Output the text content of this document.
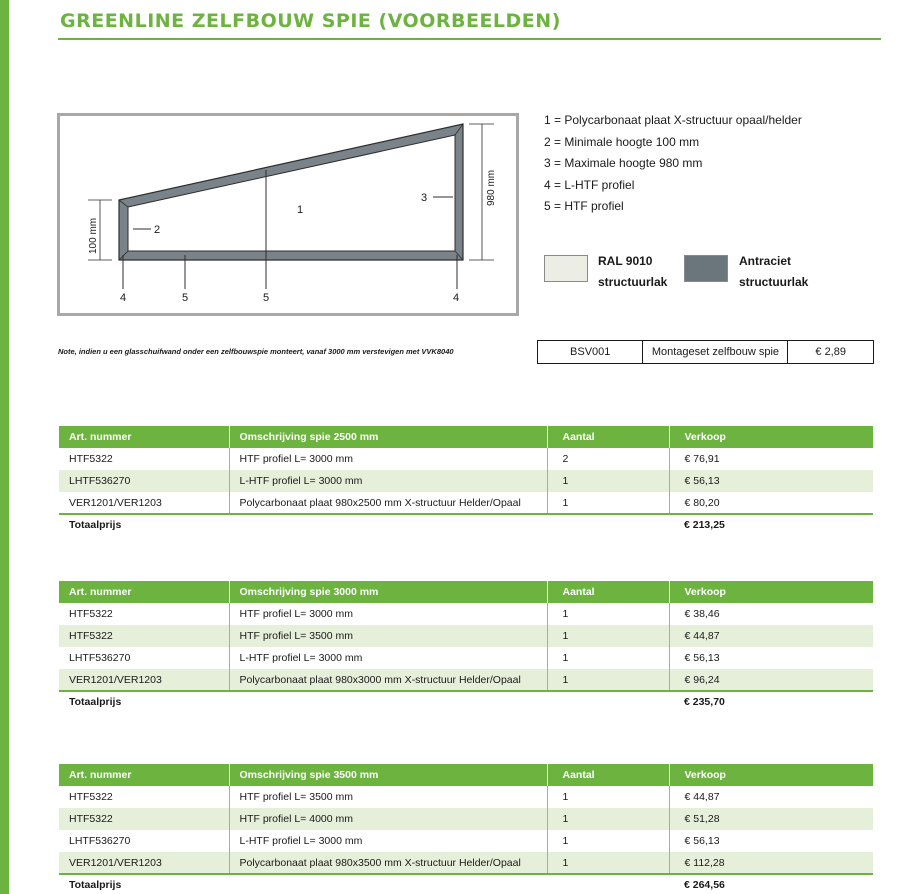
GREENLINE ZELFBOUW SPIE (VOORBEELDEN)
1
2
3
4	4
5	5
100 mm
980 mm
1 = Polycarbonaat plaat X-structuur opaal/helder
2 = Minimale hoogte 100 mm
3 = Maximale hoogte 980 mm
4 = L-HTF profiel
5 = HTF profiel
RAL 9010
structuurlak
Antraciet
structuurlak
Note, indien u een glasschuifwand onder een zelfbouwspie monteert, vanaf 3000 mm verstevigen met VVK8040	BSV001	Montageset zelfbouw spie	€ 2,89
Art. nummer	Omschrijving spie 2500 mm	Aantal	Verkoop
HTF5322	HTF profiel L= 3000 mm	2	€ 76,91
LHTF536270	L-HTF profiel L= 3000 mm	1	€ 56,13
VER1201/VER1203	Polycarbonaat plaat 980x2500 mm X-structuur Helder/Opaal	1	€ 80,20
Totaalprijs			€ 213,25
Art. nummer	Omschrijving spie 3000 mm	Aantal	Verkoop
HTF5322	HTF profiel L= 3000 mm	1	€ 38,46
HTF5322	HTF profiel L= 3500 mm	1	€ 44,87
LHTF536270	L-HTF profiel L= 3000 mm	1	€ 56,13
VER1201/VER1203	Polycarbonaat plaat 980x3000 mm X-structuur Helder/Opaal	1	€ 96,24
Totaalprijs			€ 235,70
Art. nummer	Omschrijving spie 3500 mm	Aantal	Verkoop
HTF5322	HTF profiel L= 3500 mm	1	€ 44,87
HTF5322	HTF profiel L= 4000 mm	1	€ 51,28
LHTF536270	L-HTF profiel L= 3000 mm	1	€ 56,13
VER1201/VER1203	Polycarbonaat plaat 980x3500 mm X-structuur Helder/Opaal	1	€ 112,28
Totaalprijs			€ 264,56
